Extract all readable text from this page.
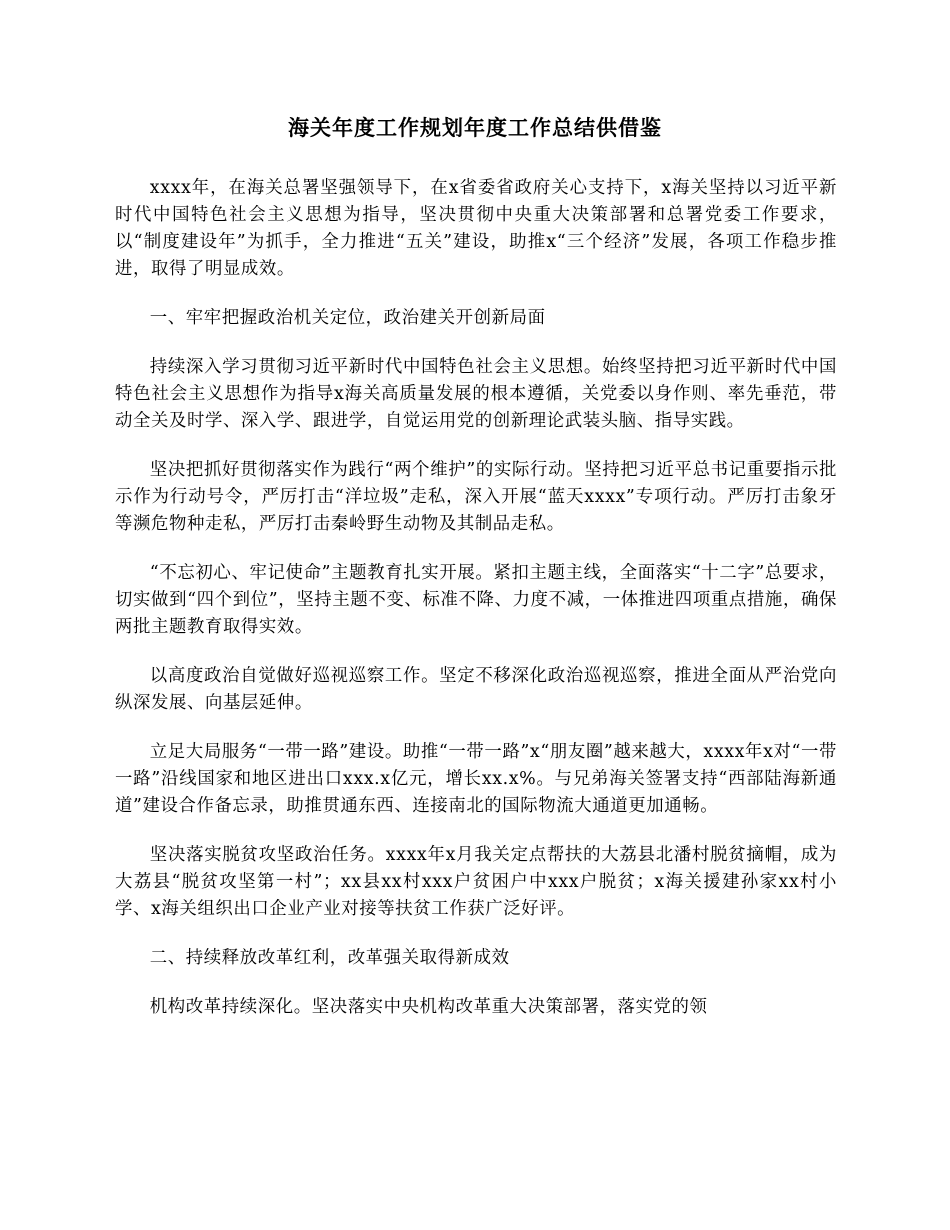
海关年度工作规划年度工作总结供借鉴

xxxx年，在海关总署坚强领导下，在x省委省政府关心支持下，x海关坚持以习近平新时代中国特色社会主义思想为指导，坚决贯彻中央重大决策部署和总署党委工作要求，以“制度建设年”为抓手，全力推进“五关”建设，助推x“三个经济”发展，各项工作稳步推进，取得了明显成效。

一、牢牢把握政治机关定位，政治建关开创新局面

持续深入学习贯彻习近平新时代中国特色社会主义思想。始终坚持把习近平新时代中国特色社会主义思想作为指导x海关高质量发展的根本遵循，关党委以身作则、率先垂范，带动全关及时学、深入学、跟进学，自觉运用党的创新理论武装头脑、指导实践。

坚决把抓好贯彻落实作为践行“两个维护”的实际行动。坚持把习近平总书记重要指示批示作为行动号令，严厉打击“洋垃圾”走私，深入开展“蓝天xxxx”专项行动。严厉打击象牙等濒危物种走私，严厉打击秦岭野生动物及其制品走私。

“不忘初心、牢记使命”主题教育扎实开展。紧扣主题主线，全面落实“十二字”总要求，切实做到“四个到位”，坚持主题不变、标准不降、力度不减，一体推进四项重点措施，确保两批主题教育取得实效。

以高度政治自觉做好巡视巡察工作。坚定不移深化政治巡视巡察，推进全面从严治党向纵深发展、向基层延伸。

立足大局服务“一带一路”建设。助推“一带一路”x“朋友圈”越来越大，xxxx年x对“一带一路”沿线国家和地区进出口xxx.x亿元，增长xx.x%。与兄弟海关签署支持“西部陆海新通道”建设合作备忘录，助推贯通东西、连接南北的国际物流大通道更加通畅。

坚决落实脱贫攻坚政治任务。xxxx年x月我关定点帮扶的大荔县北潘村脱贫摘帽，成为大荔县“脱贫攻坚第一村”；xx县xx村xxx户贫困户中xxx户脱贫；x海关援建孙家xx村小学、x海关组织出口企业产业对接等扶贫工作获广泛好评。

二、持续释放改革红利，改革强关取得新成效

机构改革持续深化。坚决落实中央机构改革重大决策部署，落实党的领
